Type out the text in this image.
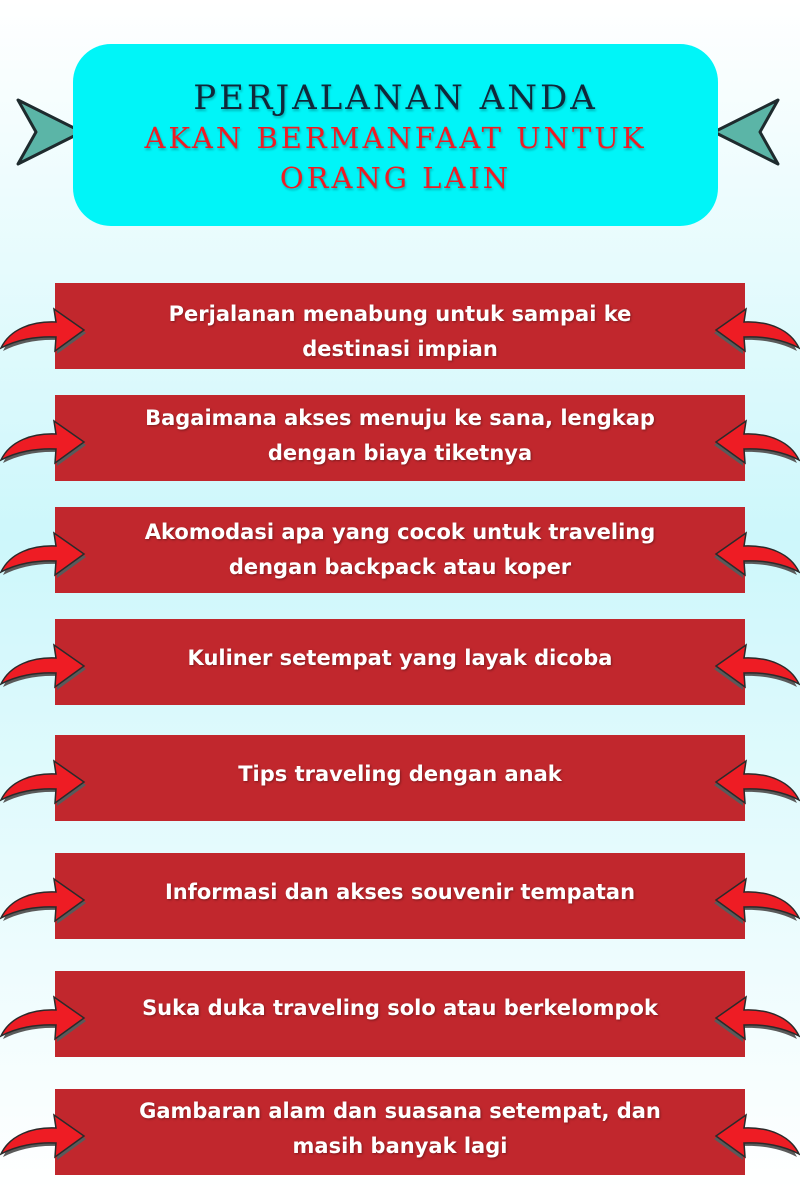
PERJALANAN ANDA
AKAN BERMANFAAT UNTUK
ORANG LAIN
Perjalanan menabung untuk sampai ke
destinasi impian
Bagaimana akses menuju ke sana, lengkap
dengan biaya tiketnya
Akomodasi apa yang cocok untuk traveling
dengan backpack atau koper
Kuliner setempat yang layak dicoba
Tips traveling dengan anak
Informasi dan akses souvenir tempatan
Suka duka traveling solo atau berkelompok
Gambaran alam dan suasana setempat, dan
masih banyak lagi
